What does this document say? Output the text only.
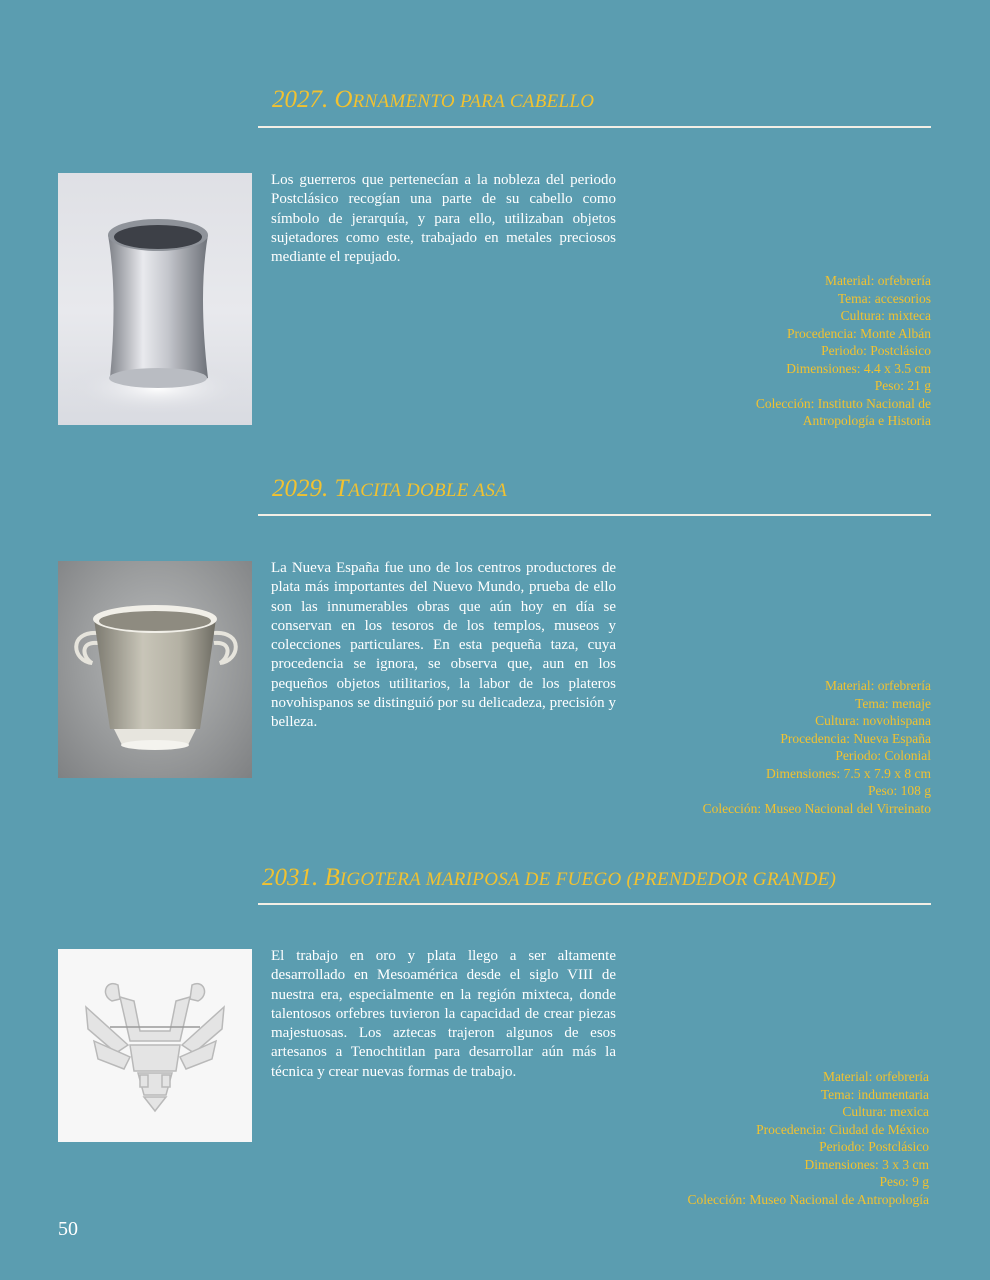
2027. ORNAMENTO PARA CABELLO
Los guerreros que pertenecían a la nobleza del periodo Postclásico recogían una parte de su cabello como símbolo de jerarquía, y para ello, utilizaban objetos sujetadores como este, trabajado en metales preciosos mediante el repujado.
Material: orfebrería
Tema: accesorios
Cultura: mixteca
Procedencia: Monte Albán
Periodo: Postclásico
Dimensiones: 4.4 x 3.5 cm
Peso: 21 g
Colección: Instituto Nacional de
Antropología e Historia
2029. TACITA DOBLE ASA
La Nueva España fue uno de los centros productores de plata más importantes del Nuevo Mundo, prueba de ello son las innumerables obras que aún hoy en día se conservan en los tesoros de los templos, museos y colecciones particulares. En esta pequeña taza, cuya procedencia se ignora, se observa que, aun en los pequeños objetos utilitarios, la labor de los plateros novohispanos se distinguió por su delicadeza, precisión y belleza.
Material: orfebrería
Tema: menaje
Cultura: novohispana
Procedencia: Nueva España
Periodo: Colonial
Dimensiones: 7.5 x 7.9 x 8 cm
Peso: 108 g
Colección: Museo Nacional del Virreinato
2031. BIGOTERA MARIPOSA DE FUEGO (PRENDEDOR GRANDE)
El trabajo en oro y plata llego a ser altamente desarrollado en Mesoamérica desde el siglo VIII de nuestra era, especialmente en la región mixteca, donde talentosos orfebres tuvieron la capacidad de crear piezas majestuosas. Los aztecas trajeron algunos de esos artesanos a Tenochtitlan para desarrollar aún más la técnica y crear nuevas formas de trabajo.	Material: orfebrería
Tema: indumentaria
Cultura: mexica
Procedencia: Ciudad de México
Periodo: Postclásico
Dimensiones: 3 x 3 cm
Peso: 9 g
Colección: Museo Nacional de Antropología
50
